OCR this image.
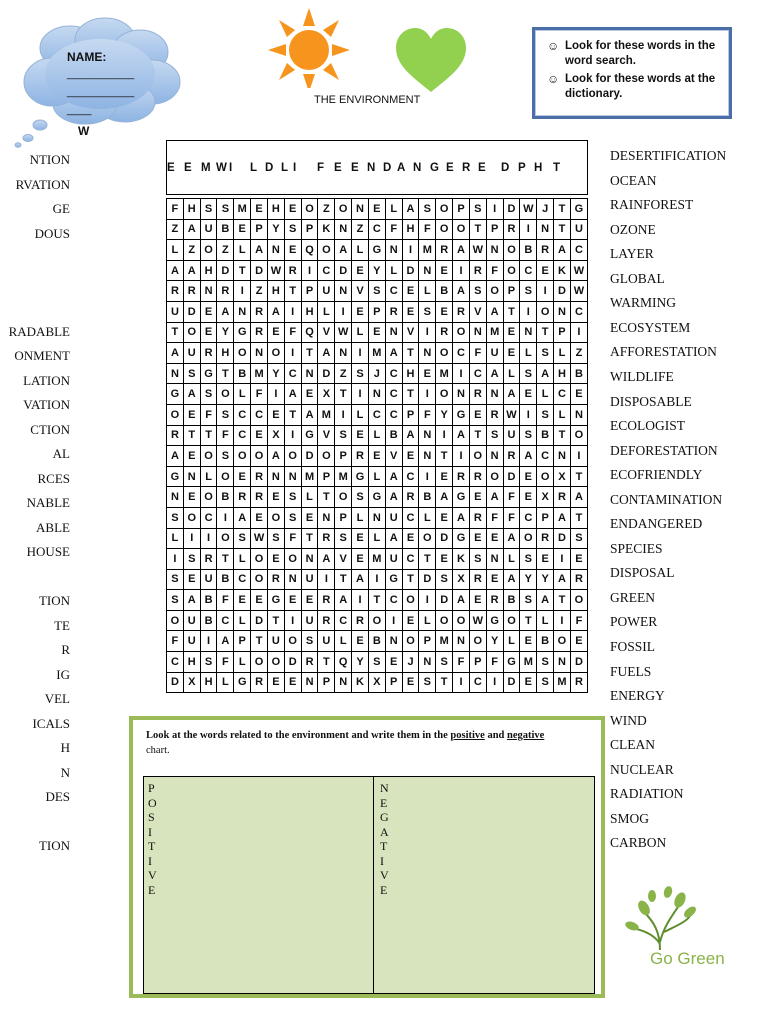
NAME:
___________
___________
____
W
THE ENVIRONMENT
☺ Look for these words in the word search.
☺ Look for these words at the dictionary.
NTION
RVATION
GE
DOUS
RADABLE
ONMENT
LATION
VATION
CTION
AL
RCES
NABLE
ABLE
HOUSE
TION
TE
R
IG
VEL
ICALS
H
N
DES
TION
DESERTIFICATION
OCEAN
RAINFOREST
OZONE
LAYER
GLOBAL
WARMING
ECOSYSTEM
AFFORESTATION
WILDLIFE
DISPOSABLE
ECOLOGIST
DEFORESTATION
ECOFRIENDLY
CONTAMINATION
ENDANGERED
SPECIES
DISPOSAL
GREEN
POWER
FOSSIL
FUELS
ENERGY
WIND
CLEAN
NUCLEAR
RADIATION
SMOG
CARBON
E E M W I L D L I F E E N D A N G E R E D P H T
F	H	S	S	M	E	H	E	O	Z	O	N	E	L	A	S	O	P	S	I	D	W	J	T	G
Z	A	U	B	E	P	Y	S	P	K	N	Z	C	F	H	F	O	O	T	P	R	I	N	T	U
L	Z	O	Z	L	A	N	E	Q	O	A	L	G	N	I	M	R	A	W	N	O	B	R	A	C
A	A	H	D	T	D	W	R	I	C	D	E	Y	L	D	N	E	I	R	F	O	C	E	K	W
R	R	N	R	I	Z	H	T	P	U	N	V	S	C	E	L	B	A	S	O	P	S	I	D	W
U	D	E	A	N	R	A	I	H	L	I	E	P	R	E	S	E	R	V	A	T	I	O	N	C
T	O	E	Y	G	R	E	F	Q	V	W	L	E	N	V	I	R	O	N	M	E	N	T	P	I
A	U	R	H	O	N	O	I	T	A	N	I	M	A	T	N	O	C	F	U	E	L	S	L	Z
N	S	G	T	B	M	Y	C	N	D	Z	S	J	C	H	E	M	I	C	A	L	S	A	H	B
G	A	S	O	L	F	I	A	E	X	T	I	N	C	T	I	O	N	R	N	A	E	L	C	E
O	E	F	S	C	C	E	T	A	M	I	L	C	C	P	F	Y	G	E	R	W	I	S	L	N
R	T	T	F	C	E	X	I	G	V	S	E	L	B	A	N	I	A	T	S	U	S	B	T	O
A	E	O	S	O	O	A	O	D	O	P	R	E	V	E	N	T	I	O	N	R	A	C	N	I
G	N	L	O	E	R	N	N	M	P	M	G	L	A	C	I	E	R	R	O	D	E	O	X	T
N	E	O	B	R	R	E	S	L	T	O	S	G	A	R	B	A	G	E	A	F	E	X	R	A
S	O	C	I	A	E	O	S	E	N	P	L	N	U	C	L	E	A	R	F	F	C	P	A	T
L	I	I	O	S	W	S	F	T	R	S	E	L	A	E	O	D	G	E	E	A	O	R	D	S
I	S	R	T	L	O	E	O	N	A	V	E	M	U	C	T	E	K	S	N	L	S	E	I	E
S	E	U	B	C	O	R	N	U	I	T	A	I	G	T	D	S	X	R	E	A	Y	Y	A	R
S	A	B	F	E	E	G	E	E	R	A	I	T	C	O	I	D	A	E	R	B	S	A	T	O
O	U	B	C	L	D	T	I	U	R	C	R	O	I	E	L	O	O	W	G	O	T	L	I	F
F	U	I	A	P	T	U	O	S	U	L	E	B	N	O	P	M	N	O	Y	L	E	B	O	E
C	H	S	F	L	O	O	D	R	T	Q	Y	S	E	J	N	S	F	P	F	G	M	S	N	D
D	X	H	L	G	R	E	E	N	P	N	K	X	P	E	S	T	I	C	I	D	E	S	M	R
Look at the words related to the environment and write them in the positive and negative
chart.
P
O
S
I
T
I
V
E
N
E
G
A
T
I
V
E
Go Green
